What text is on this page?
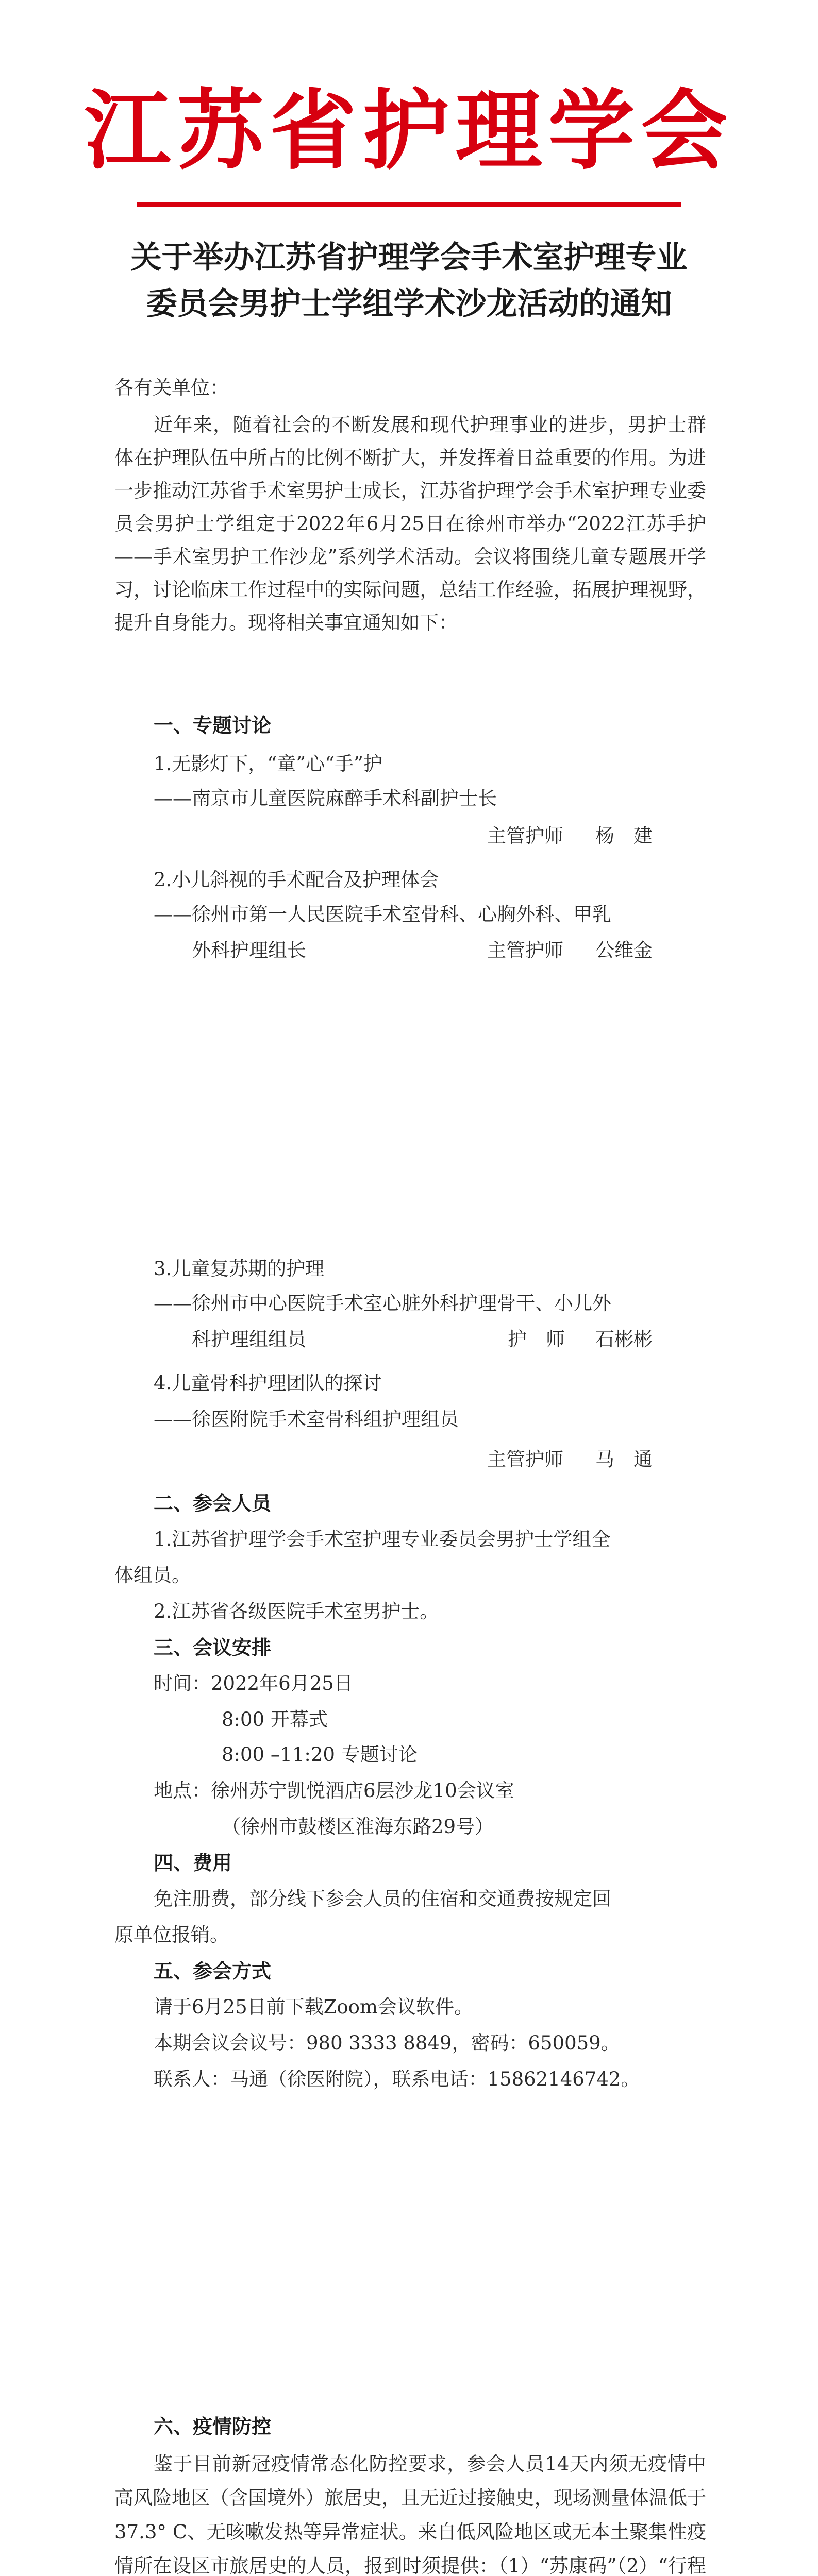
江苏省护理学会
关于举办江苏省护理学会手术室护理专业
委员会男护士学组学术沙龙活动的通知
各有关单位：

近年来，随着社会的不断发展和现代护理事业的进步，男护士群体在护理队伍中所占的比例不断扩大，并发挥着日益重要的作用。为进一步推动江苏省手术室男护士成长，江苏省护理学会手术室护理专业委员会男护士学组定于2022年6月25日在徐州市举办“2022江苏手护——手术室男护工作沙龙”系列学术活动。会议将围绕儿童专题展开学习，讨论临床工作过程中的实际问题，总结工作经验，拓展护理视野，提升自身能力。现将相关事宜通知如下：

一、专题讨论
1.无影灯下，“童”心“手”护
——南京市儿童医院麻醉手术科副护士长
主管护师 杨　建
2.小儿斜视的手术配合及护理体会
——徐州市第一人民医院手术室骨科、心胸外科、甲乳
外科护理组长	主管护师 公维金
3.儿童复苏期的护理
——徐州市中心医院手术室心脏外科护理骨干、小儿外
科护理组组员	护　师 石彬彬
4.儿童骨科护理团队的探讨
——徐医附院手术室骨科组护理组员
主管护师 马　通
二、参会人员
1.江苏省护理学会手术室护理专业委员会男护士学组全
体组员。
2.江苏省各级医院手术室男护士。
三、会议安排
时间：2022年6月25日
8:00 开幕式
8:00 –11:20 专题讨论
地点：徐州苏宁凯悦酒店6层沙龙10会议室
（徐州市鼓楼区淮海东路29号）
四、费用
免注册费，部分线下参会人员的住宿和交通费按规定回
原单位报销。
五、参会方式
请于6月25日前下载Zoom会议软件。
本期会议会议号：980 3333 8849，密码：650059。
联系人：马通（徐医附院），联系电话：15862146742。
六、疫情防控

鉴于目前新冠疫情常态化防控要求，参会人员14天内须无疫情中高风险地区（含国境外）旅居史，且无近过接触史，现场测量体温低于37.3° C、无咳嗽发热等异常症状。来自低风险地区或无本土聚集性疫情所在设区市旅居史的人员，报到时须提供：（1）“苏康码”（2）“行程
